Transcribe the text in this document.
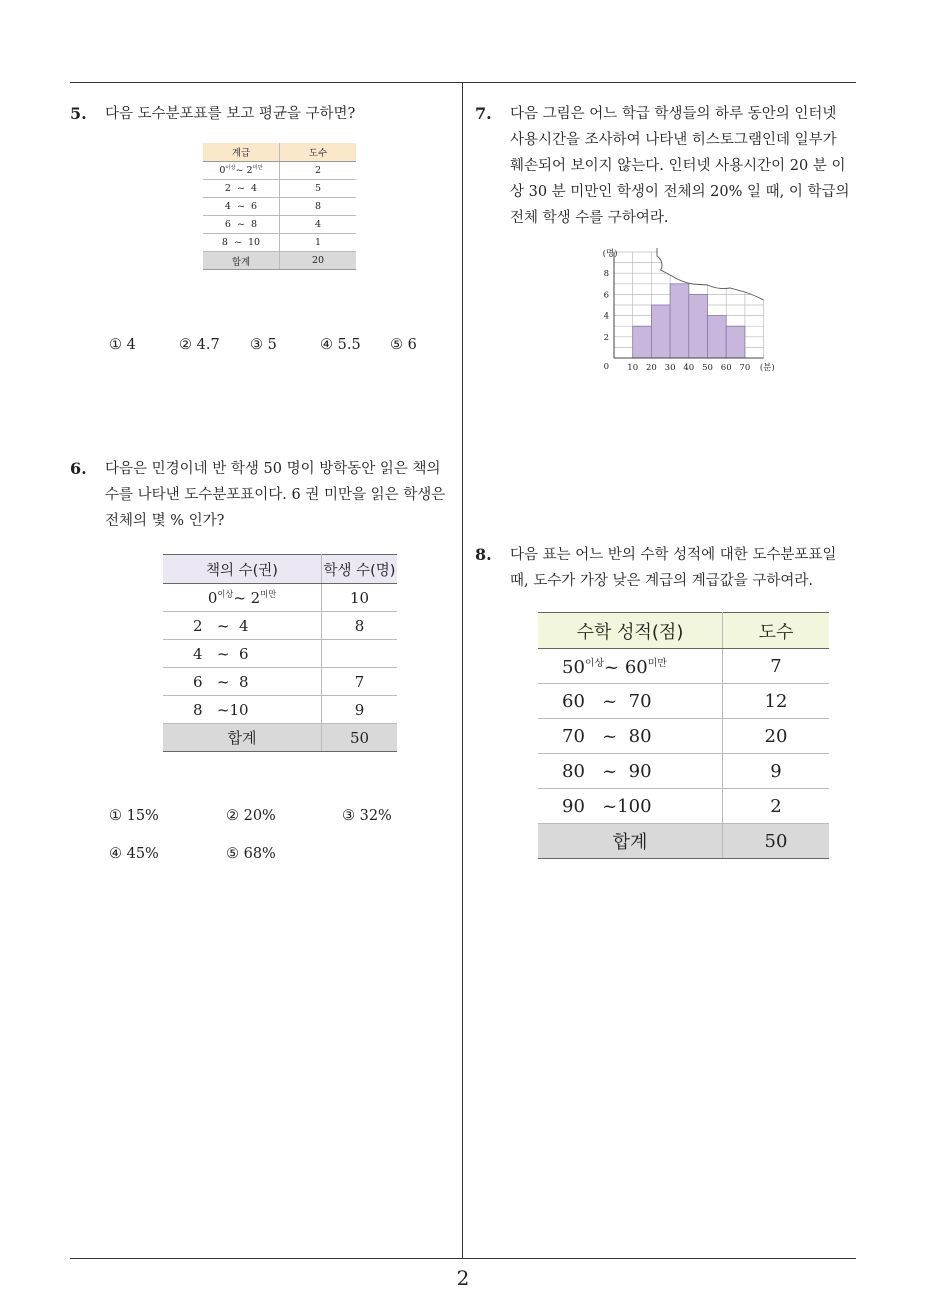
5. 다음 도수분포표를 보고 평균을 구하면?
계급	도수
$0^{이상}\sim$ $2^{미만}$	2
2 ~ 4	5
4 ~ 6	8
6 ~ 8	4
8 ~ 10	1
합계	20
① 4	② 4.7 ③ 5	④ 5.5 ⑤ 6
6. 다음은 민경이네 반 학생 50 명이 방학동안 읽은 책의
수를 나타낸 도수분포표이다. 6 권 미만을 읽은 학생은
전체의 몇 % 인가?
책의 수(권)	학생 수(명)
$0^{이상}\sim$ $2^{미만}$	10
2 ~ 4	8
4 ~ 6	
6 ~ 8	7
8 ~10	9
합계	50
① 15%	② 20%	③ 32%
④ 45%	⑤ 68%
7. 다음 그림은 어느 학급 학생들의 하루 동안의 인터넷
사용시간을 조사하여 나타낸 히스토그램인데 일부가
훼손되어 보이지 않는다. 인터넷 사용시간이 20 분 이
상 30 분 미만인 학생이 전체의 20% 일 때, 이 학급의
전체 학생 수를 구하여라.
2
4
6
8
(명)
0 10 20 30 40 50 60 70 (분)
8. 다음 표는 어느 반의 수학 성적에 대한 도수분포표일
때, 도수가 가장 낮은 계급의 계급값을 구하여라.
수학 성적(점)	도수
$50^{이상}\sim$ $60^{미만}$	7
60 ~ 70	12
70 ~ 80	20
80 ~ 90	9
90 ~100	2
합계	50
2
